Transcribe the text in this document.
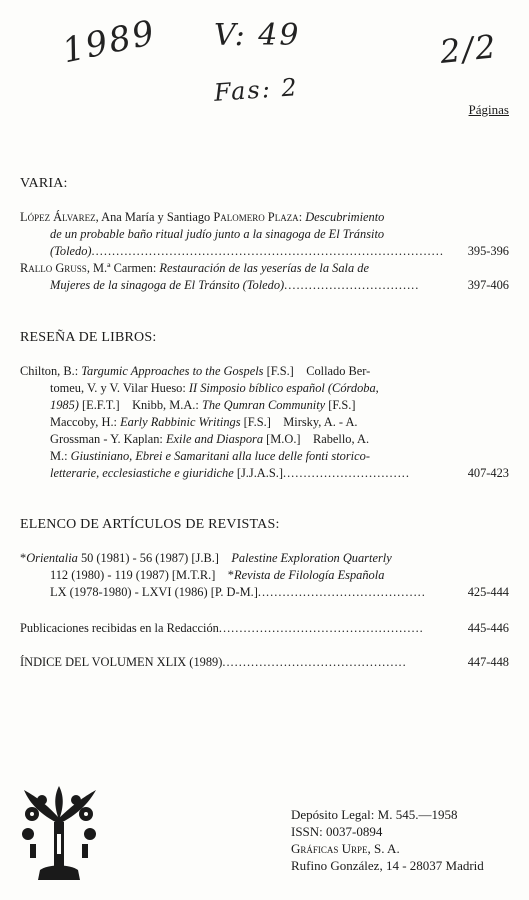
1989 V: 49
Fas: 2
2/2
Páginas
VARIA:
López Álvarez, Ana María y Santiago Palomero Plaza: Descubrimiento
de un probable baño ritual judío junto a la sinagoga de El Tránsito
(Toledo)...................................................................................... 395-396
Rallo Gruss, M.ª Carmen: Restauración de las yeserías de la Sala de
Mujeres de la sinagoga de El Tránsito (Toledo).................................	397-406
RESEÑA DE LIBROS:
Chilton, B.: Targumic Approaches to the Gospels [F.S.]    Collado Ber-
tomeu, V. y V. Vilar Hueso: II Simposio bíblico español (Córdoba,
1985) [E.F.T.]    Knibb, M.A.: The Qumran Community [F.S.]
Maccoby, H.: Early Rabbinic Writings [F.S.]    Mirsky, A. - A.
Grossman - Y. Kaplan: Exile and Diaspora [M.O.]    Rabello, A.
M.: Giustiniano, Ebrei e Samaritani alla luce delle fonti storico-
letterarie, ecclesiastiche e giuridiche [J.J.A.S.]...............................	407-423
ELENCO DE ARTÍCULOS DE REVISTAS:
*Orientalia 50 (1981) - 56 (1987) [J.B.]    Palestine Exploration Quarterly
112 (1980) - 119 (1987) [M.T.R.]    *Revista de Filología Española
LX (1978-1980) - LXVI (1986) [P. D-M.].........................................	425-444
Publicaciones recibidas en la Redacción..................................................	445-446
ÍNDICE DEL VOLUMEN XLIX (1989).............................................	447-448
Depósito Legal: M. 545.—1958
ISSN: 0037-0894
Gráficas Urpe, S. A.
Rufino González, 14 - 28037 Madrid
